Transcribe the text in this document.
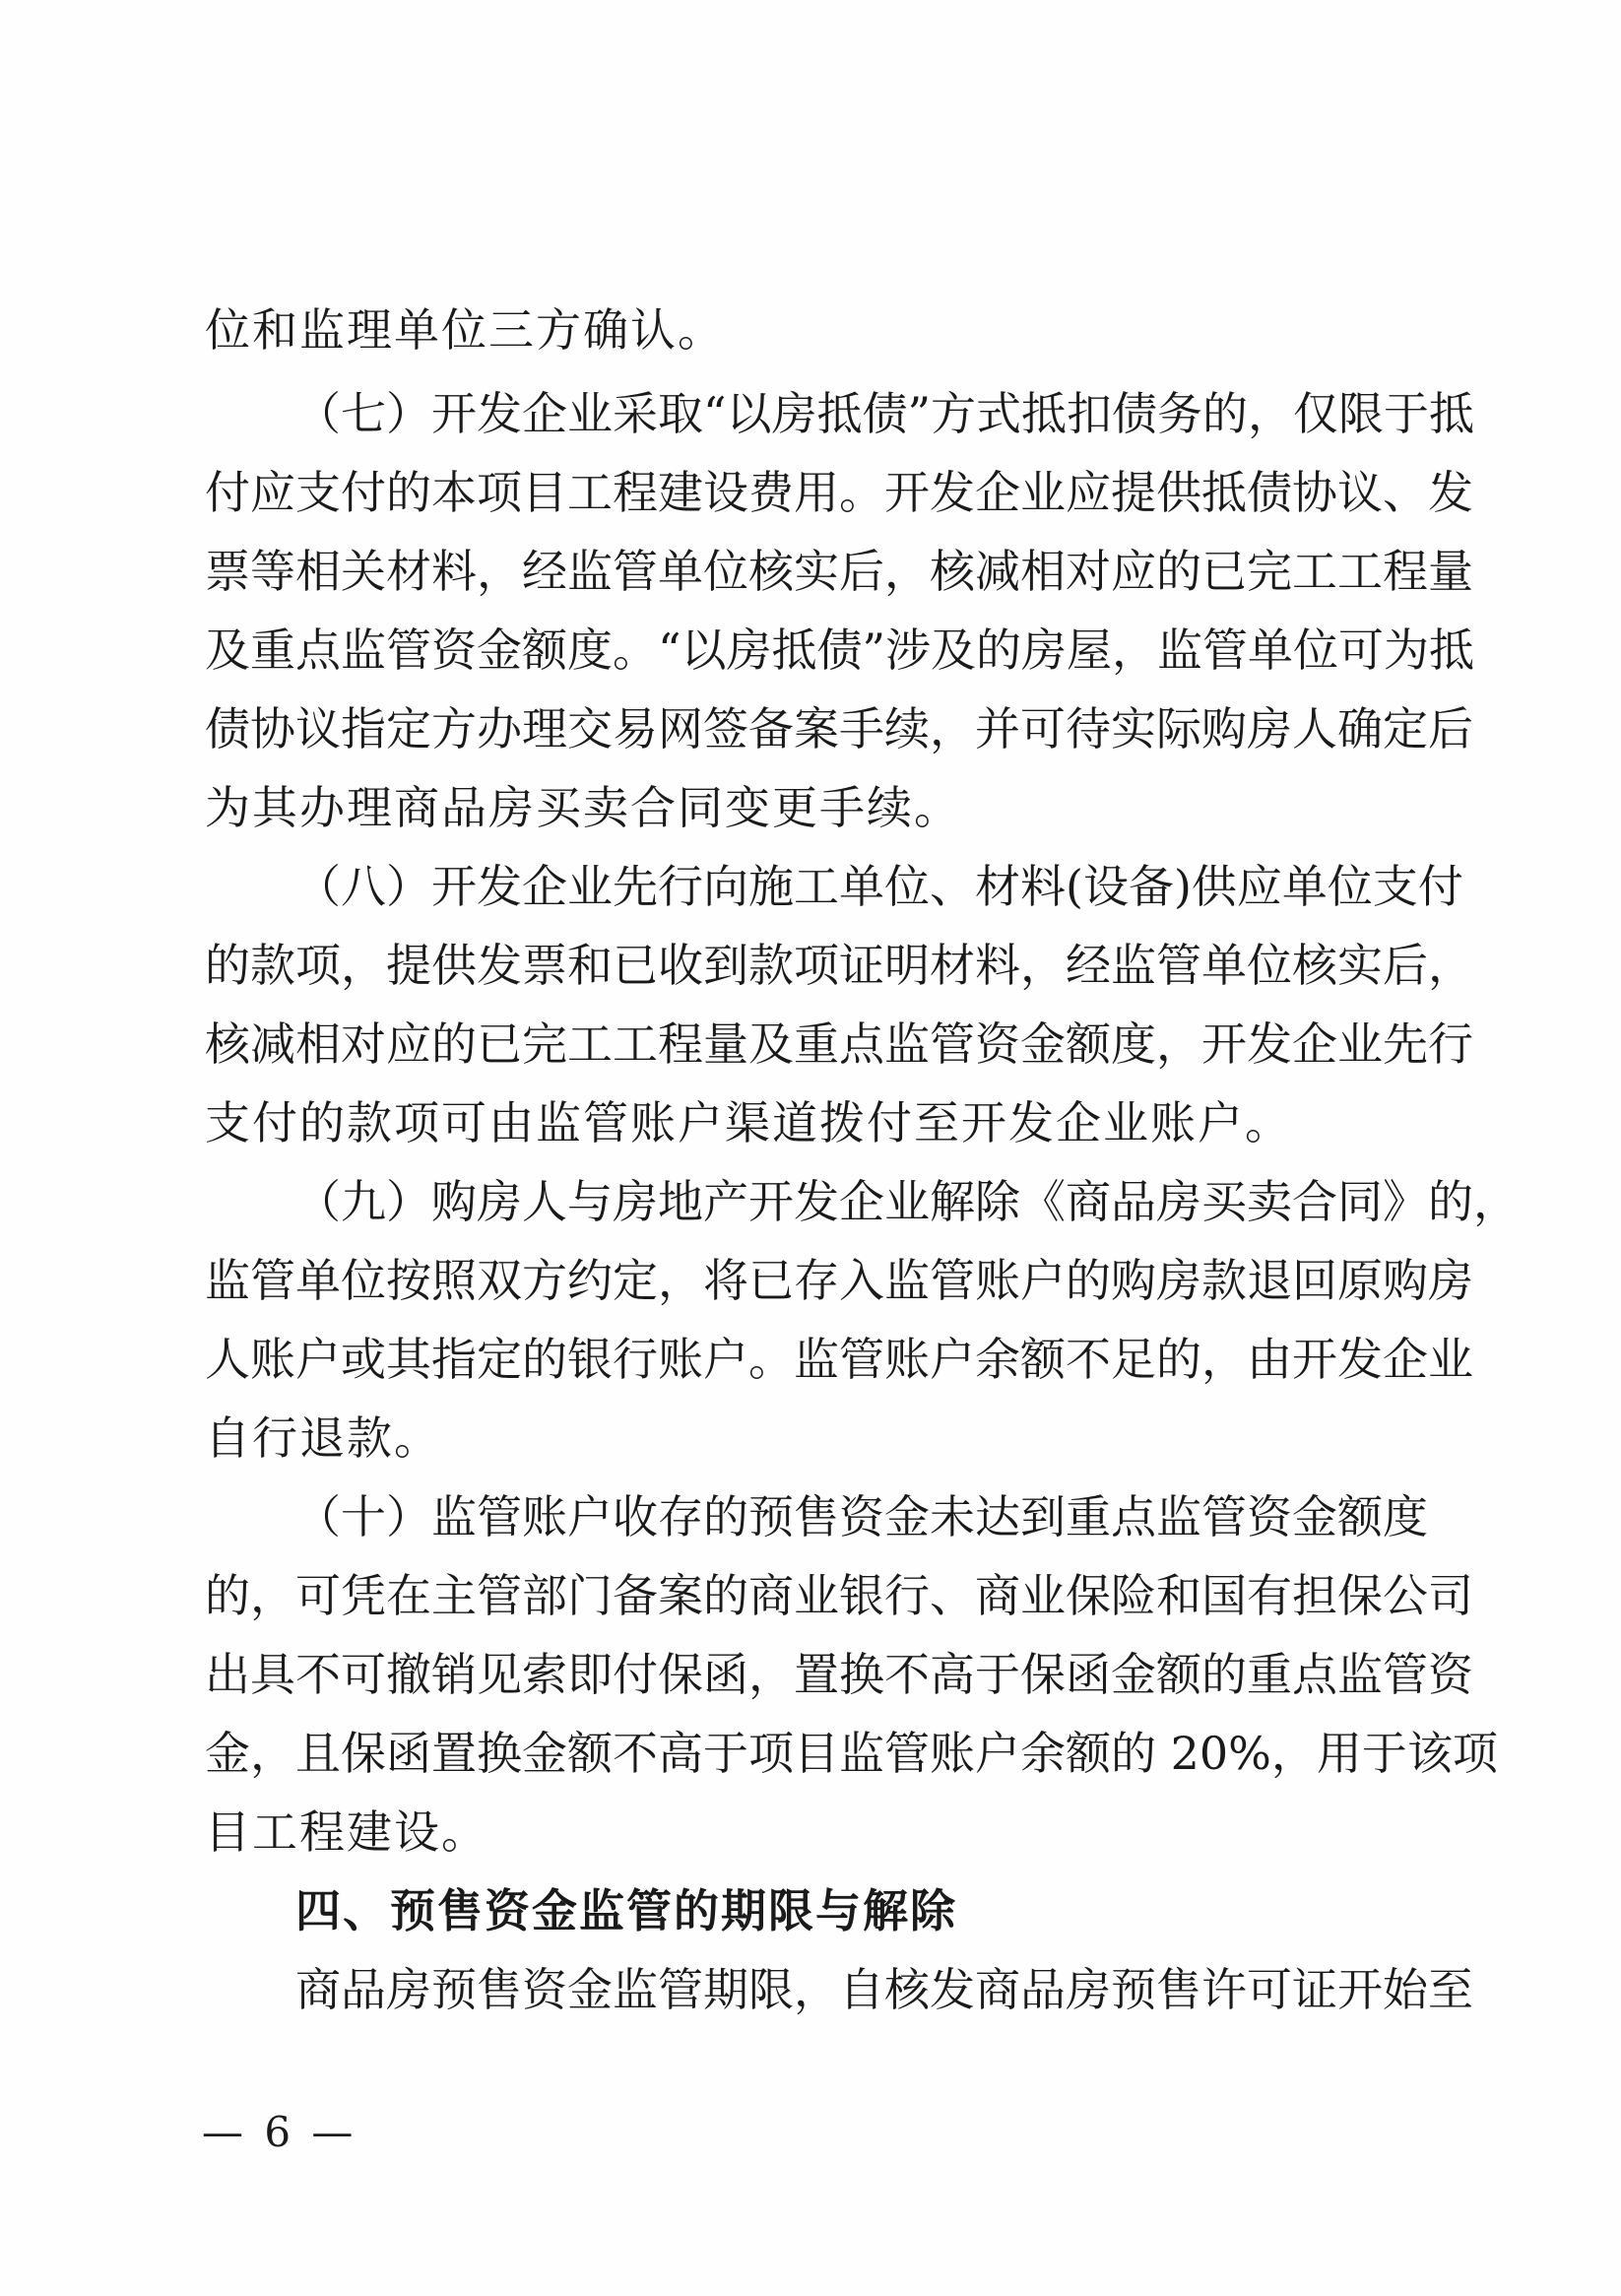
位和监理单位三方确认。
（七）开发企业采取“以房抵债”方式抵扣债务的，仅限于抵
付应支付的本项目工程建设费用。开发企业应提供抵债协议、发
票等相关材料，经监管单位核实后，核减相对应的已完工工程量
及重点监管资金额度。“以房抵债”涉及的房屋，监管单位可为抵
债协议指定方办理交易网签备案手续，并可待实际购房人确定后
为其办理商品房买卖合同变更手续。
（八）开发企业先行向施工单位、材料(设备)供应单位支付
的款项，提供发票和已收到款项证明材料，经监管单位核实后，
核减相对应的已完工工程量及重点监管资金额度，开发企业先行
支付的款项可由监管账户渠道拨付至开发企业账户。
（九）购房人与房地产开发企业解除《商品房买卖合同》的，
监管单位按照双方约定，将已存入监管账户的购房款退回原购房
人账户或其指定的银行账户。监管账户余额不足的，由开发企业
自行退款。
（十）监管账户收存的预售资金未达到重点监管资金额度
的，可凭在主管部门备案的商业银行、商业保险和国有担保公司
出具不可撤销见索即付保函，置换不高于保函金额的重点监管资
金，且保函置换金额不高于项目监管账户余额的 20%，用于该项
目工程建设。
四、预售资金监管的期限与解除
商品房预售资金监管期限，自核发商品房预售许可证开始至
— 6 —
